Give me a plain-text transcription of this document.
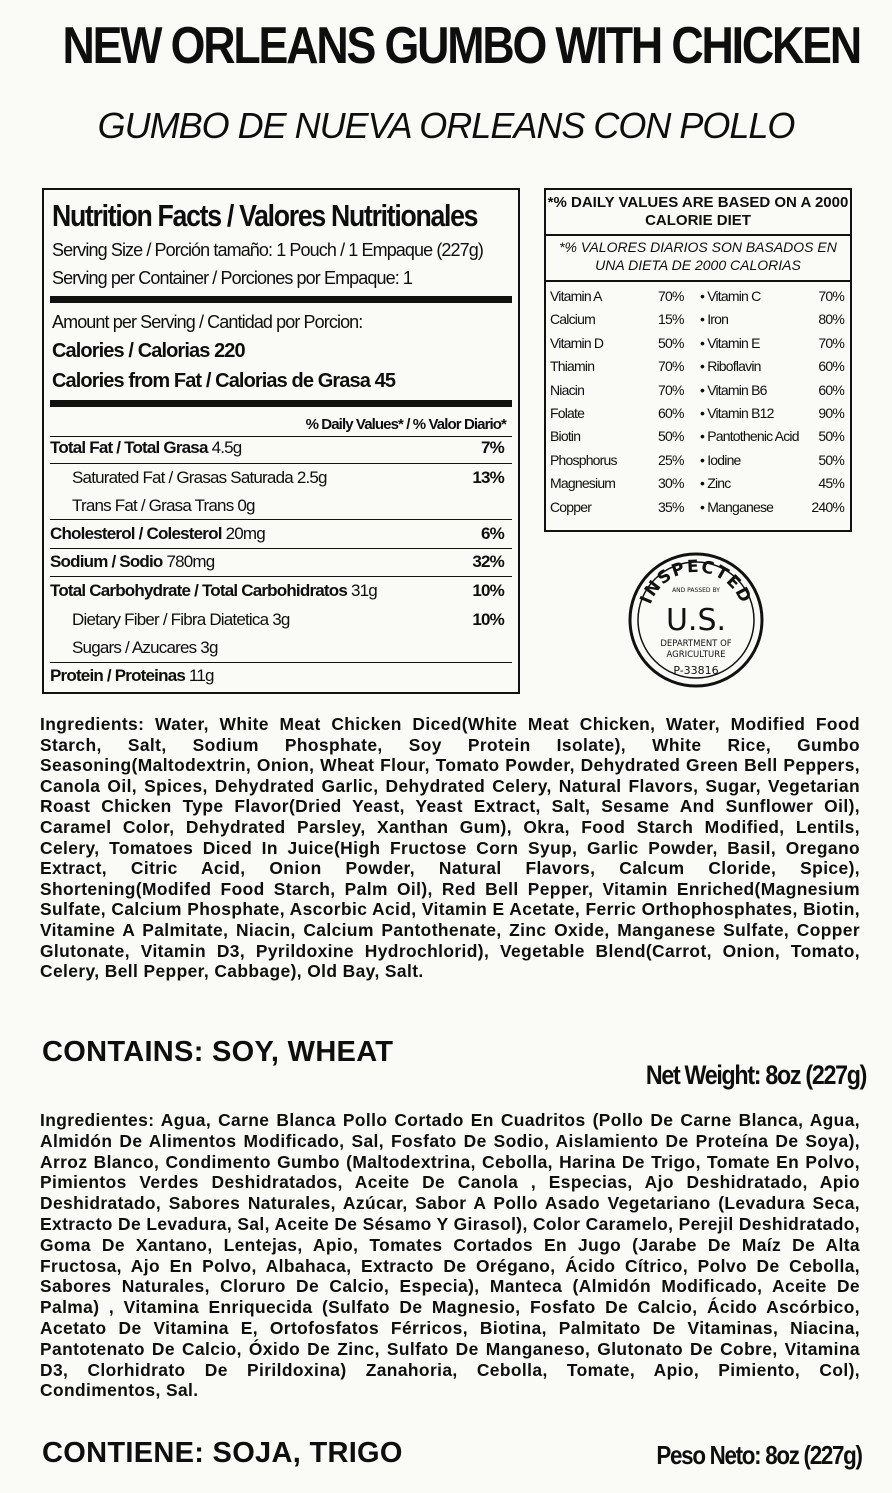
NEW ORLEANS GUMBO WITH CHICKEN
GUMBO DE NUEVA ORLEANS CON POLLO
Nutrition Facts / Valores Nutritionales
Serving Size / Porción tamaño: 1 Pouch / 1 Empaque (227g)
Serving per Container / Porciones por Empaque: 1
Amount per Serving / Cantidad por Porcion:
Calories / Calorias 220
Calories from Fat / Calorias de Grasa 45
% Daily Values* / % Valor Diario*
Total Fat / Total Grasa 4.5g	7%
Saturated Fat / Grasas Saturada 2.5g	13%
Trans Fat / Grasa Trans 0g
Cholesterol / Colesterol 20mg	6%
Sodium / Sodio 780mg	32%
Total Carbohydrate / Total Carbohidratos 31g	10%
Dietary Fiber / Fibra Diatetica 3g	10%
Sugars / Azucares 3g
Protein / Proteinas 11g
*% DAILY VALUES ARE BASED ON A 2000 CALORIE DIET
*% VALORES DIARIOS SON BASADOS EN UNA DIETA DE 2000 CALORIAS
Vitamin A	70% • Vitamin C	70%
Calcium	15% • Iron	80%
Vitamin D	50% • Vitamin E	70%
Thiamin	70% • Riboflavin	60%
Niacin	70% • Vitamin B6	60%
Folate	60% • Vitamin B12	90%
Biotin	50% • Pantothenic Acid 50%
Phosphorus	25% • Iodine	50%
Magnesium	30% • Zinc	45%
Copper	35% • Manganese	240%
INSPECTED
AND PASSED BY
U.S.
DEPARTMENT OF
AGRICULTURE
P-33816
Ingredients: Water, White Meat Chicken Diced(White Meat Chicken, Water, Modified Food Starch, Salt, Sodium Phosphate, Soy Protein Isolate), White Rice, Gumbo Seasoning(Maltodextrin, Onion, Wheat Flour, Tomato Powder, Dehydrated Green Bell Peppers, Canola Oil, Spices, Dehydrated Garlic, Dehydrated Celery, Natural Flavors, Sugar, Vegetarian Roast Chicken Type Flavor(Dried Yeast, Yeast Extract, Salt, Sesame And Sunflower Oil), Caramel Color, Dehydrated Parsley, Xanthan Gum), Okra, Food Starch Modified, Lentils, Celery, Tomatoes Diced In Juice(High Fructose Corn Syup, Garlic Powder, Basil, Oregano Extract, Citric Acid, Onion Powder, Natural Flavors, Calcum Cloride, Spice), Shortening(Modifed Food Starch, Palm Oil), Red Bell Pepper, Vitamin Enriched(Magnesium Sulfate, Calcium Phosphate, Ascorbic Acid, Vitamin E Acetate, Ferric Orthophosphates, Biotin, Vitamine A Palmitate, Niacin, Calcium Pantothenate, Zinc Oxide, Manganese Sulfate, Copper Glutonate, Vitamin D3, Pyrildoxine Hydrochlorid), Vegetable Blend(Carrot, Onion, Tomato, Celery, Bell Pepper, Cabbage), Old Bay, Salt.
CONTAINS: SOY, WHEAT
Net Weight: 8oz (227g)
Ingredientes: Agua, Carne Blanca Pollo Cortado En Cuadritos (Pollo De Carne Blanca, Agua, Almidón De Alimentos Modificado, Sal, Fosfato De Sodio, Aislamiento De Proteína De Soya), Arroz Blanco, Condimento Gumbo (Maltodextrina, Cebolla, Harina De Trigo, Tomate En Polvo, Pimientos Verdes Deshidratados, Aceite De Canola , Especias, Ajo Deshidratado, Apio Deshidratado, Sabores Naturales, Azúcar, Sabor A Pollo Asado Vegetariano (Levadura Seca, Extracto De Levadura, Sal, Aceite De Sésamo Y Girasol), Color Caramelo, Perejil Deshidratado, Goma De Xantano, Lentejas, Apio, Tomates Cortados En Jugo (Jarabe De Maíz De Alta Fructosa, Ajo En Polvo, Albahaca, Extracto De Orégano, Ácido Cítrico, Polvo De Cebolla, Sabores Naturales, Cloruro De Calcio, Especia), Manteca (Almidón Modificado, Aceite De Palma) , Vitamina Enriquecida (Sulfato De Magnesio, Fosfato De Calcio, Ácido Ascórbico, Acetato De Vitamina E, Ortofosfatos Férricos, Biotina, Palmitato De Vitaminas, Niacina, Pantotenato De Calcio, Óxido De Zinc, Sulfato De Manganeso, Glutonato De Cobre, Vitamina D3, Clorhidrato De Pirildoxina) Zanahoria, Cebolla, Tomate, Apio, Pimiento, Col), Condimentos, Sal.
CONTIENE: SOJA, TRIGO	Peso Neto: 8oz (227g)
